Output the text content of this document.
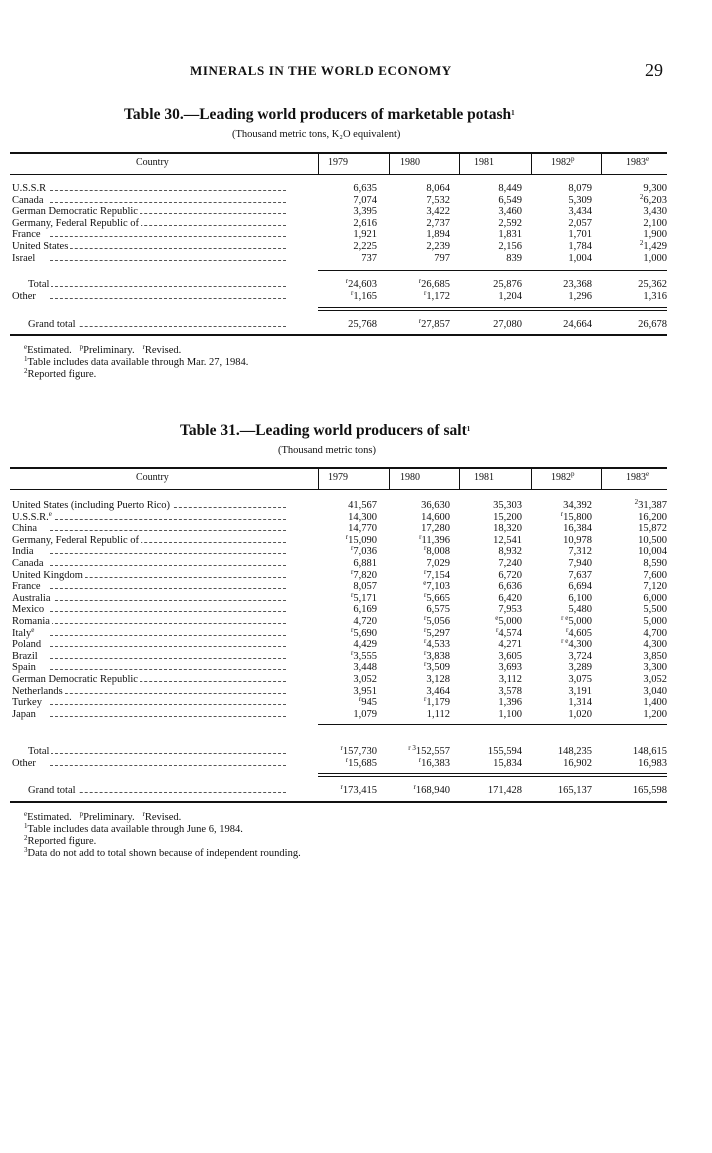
MINERALS IN THE WORLD ECONOMY	29
Table 30.—Leading world producers of marketable potash$^1$
(Thousand metric tons, K₂O equivalent)
Country	1979	1980	1981	1982$^p$	1983e
U.S.S.R	6,635	8,064	8,449	8,079	9,300
Canada	7,074	7,532	6,549	5,309	$^2$6,203
German Democratic Republic	3,395	3,422	3,460	3,434	3,430
Germany, Federal Republic of	2,616	2,737	2,592	2,057	2,100
France	1,921	1,894	1,831	1,701	1,900
United States	2,225	2,239	2,156	1,784	$^2$1,429
Israel	737	797	839	1,004	1,000
Total	$^r$24,603	$^r$26,685	25,876	23,368	25,362
Other	$^r$1,165	$^r$1,172	1,204	1,296	1,316
Grand total	25,768	$^r$27,857	27,080	24,664	26,678
$^e$Estimated.   $^p$Preliminary.   $^r$Revised.
$^1$Table includes data available through Mar. 27, 1984.
$^2$Reported figure.
Table 31.—Leading world producers of salt$^1$
(Thousand metric tons)
Country	1979	1980	1981	1982$^p$	1983e
United States (including Puerto Rico)	41,567	36,630	35,303	34,392	$^2$31,387
U.S.S.R.$^e$	14,300	14,600	15,200	$^r$15,800	16,200
China	14,770	17,280	18,320	16,384	15,872
Germany, Federal Republic of	$^r$15,090	$^r$11,396	12,541	10,978	10,500
India	$^r$7,036	$^r$8,008	8,932	7,312	10,004
Canada	6,881	7,029	7,240	7,940	8,590
United Kingdom	$^r$7,820	$^r$7,154	6,720	7,637	7,600
France	8,057	$^e$7,103	6,636	6,694	7,120
Australia	$^r$5,171	$^r$5,665	6,420	6,100	6,000
Mexico	6,169	6,575	7,953	5,480	5,500
Romania	4,720	$^r$5,056	$^e$5,000	$^{r e}$5,000	5,000
Italy$^e$	$^r$5,690	$^r$5,297	$^r$4,574	$^r$4,605	4,700
Poland	4,429	$^r$4,533	4,271	$^{r e}$4,300	4,300
Brazil	$^r$3,555	$^r$3,838	3,605	3,724	3,850
Spain	3,448	$^r$3,509	3,693	3,289	3,300
German Democratic Republic	3,052	3,128	3,112	3,075	3,052
Netherlands	3,951	3,464	3,578	3,191	3,040
Turkey	$^r$945	$^r$1,179	1,396	1,314	1,400
Japan	1,079	1,112	1,100	1,020	1,200
Total	$^r$157,730	$^{r 3}$152,557	155,594	148,235	148,615
Other	$^r$15,685	$^r$16,383	15,834	16,902	16,983
Grand total	$^r$173,415	$^r$168,940	171,428	165,137	165,598
$^e$Estimated.   $^p$Preliminary.   $^r$Revised.
$^1$Table includes data available through June 6, 1984.
$^2$Reported figure.
$^3$Data do not add to total shown because of independent rounding.
